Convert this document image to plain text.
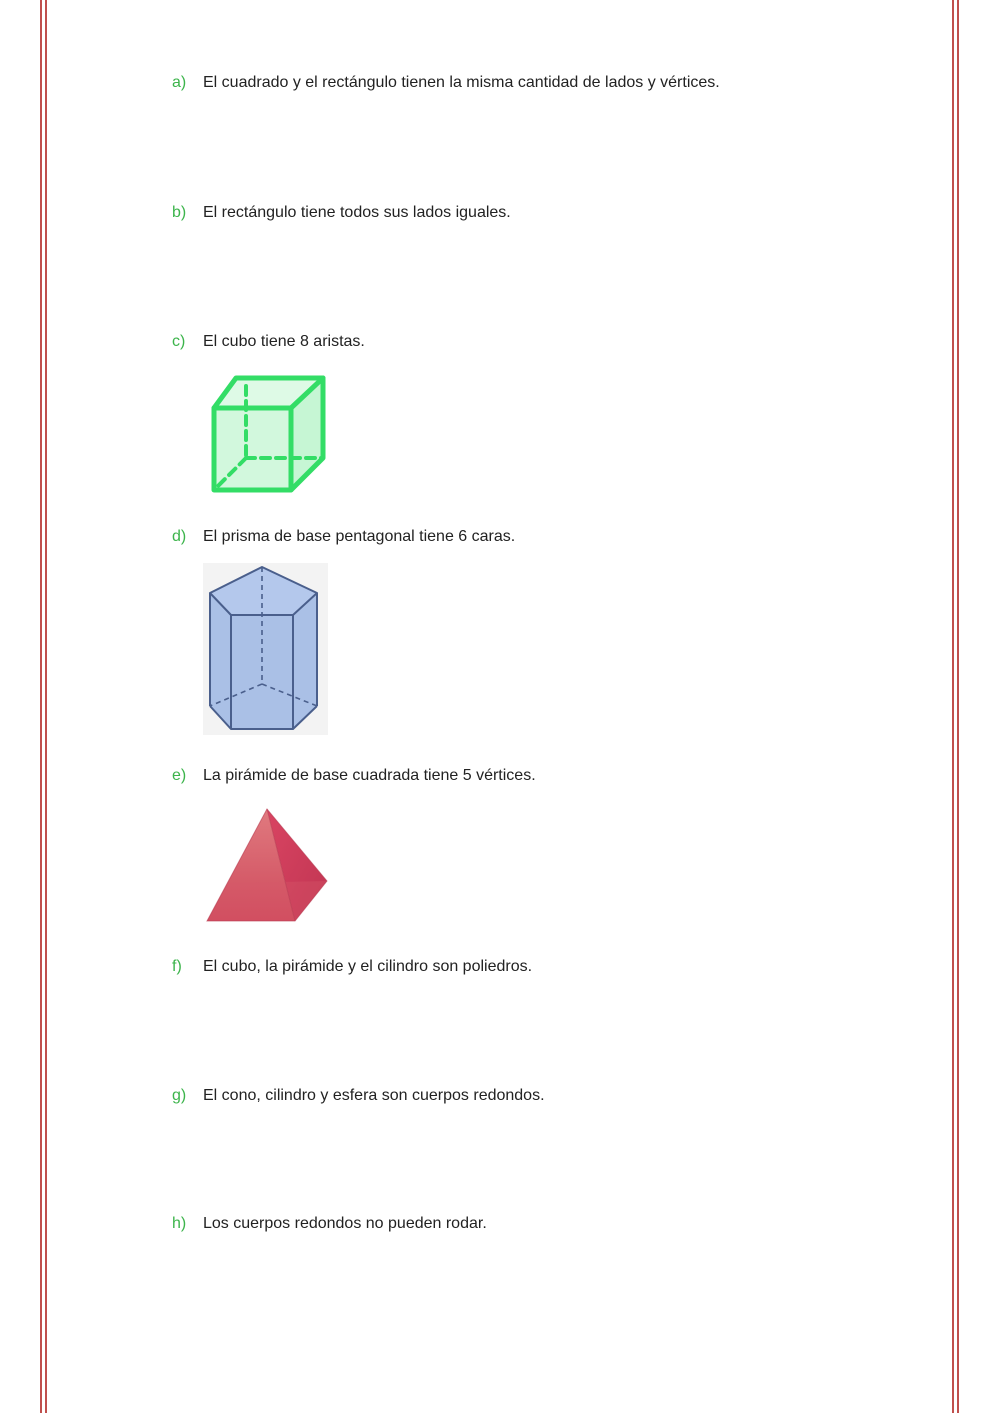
a) El cuadrado y el rectángulo tienen la misma cantidad de lados y vértices.
b) El rectángulo tiene todos sus lados iguales.
c) El cubo tiene 8 aristas.
d) El prisma de base pentagonal tiene 6 caras.
e) La pirámide de base cuadrada tiene 5 vértices.
f) El cubo, la pirámide y el cilindro son poliedros.
g) El cono, cilindro y esfera son cuerpos redondos.
h) Los cuerpos redondos no pueden rodar.
